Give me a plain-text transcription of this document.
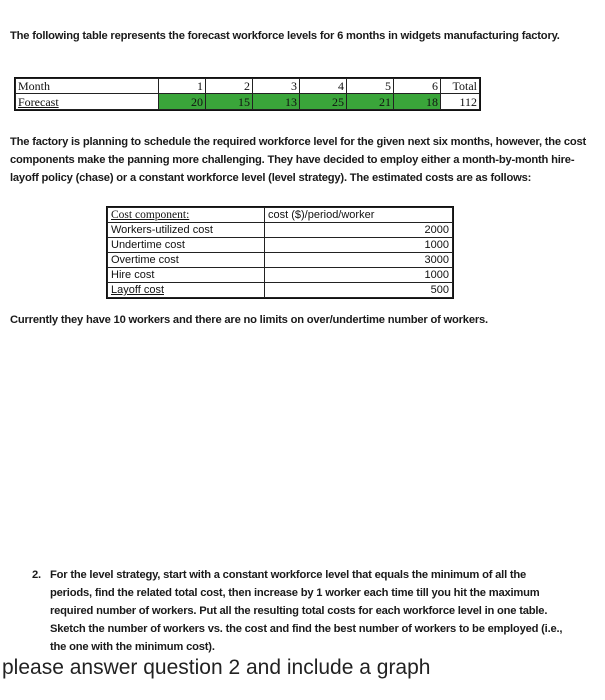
The following table represents the forecast workforce levels for 6 months in widgets manufacturing factory.
Month	1	2	3	4	5	6	Total
Forecast	20	15	13	25	21	18	112
The factory is planning to schedule the required workforce level for the given next six months, however, the cost components make the panning more challenging. They have decided to employ either a month-by-month hire-layoff policy (chase) or a constant workforce level (level strategy). The estimated costs are as follows:
Cost component:	cost ($)/period/worker
Workers-utilized cost	2000
Undertime cost	1000
Overtime cost	3000
Hire cost	1000
Layoff cost	500
Currently they have 10 workers and there are no limits on over/undertime number of workers.
2. For the level strategy, start with a constant workforce level that equals the minimum of all the periods, find the related total cost, then increase by 1 worker each time till you hit the maximum required number of workers. Put all the resulting total costs for each workforce level in one table. Sketch the number of workers vs. the cost and find the best number of workers to be employed (i.e., the one with the minimum cost).
please answer question 2 and include a graph
